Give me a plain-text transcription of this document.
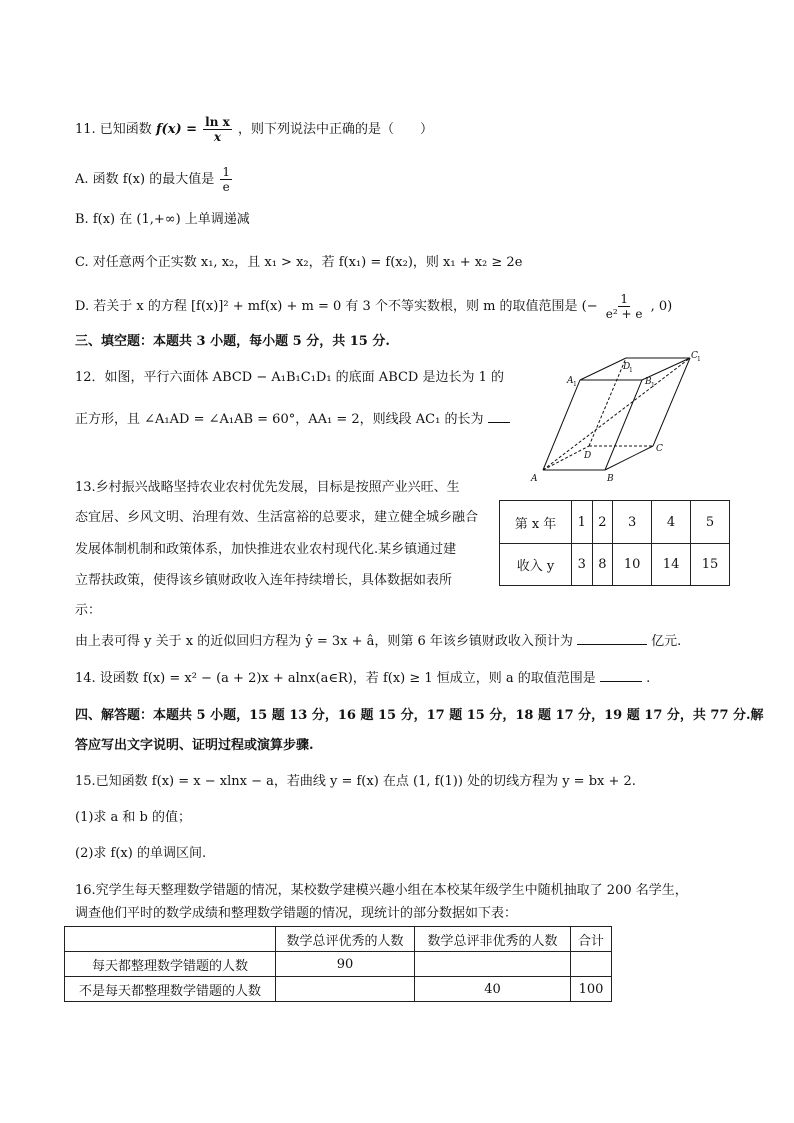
11. 已知函数 $f(x) = \frac{\text{ln x}}{x}$ ，则下列说法中正确的是（　　）
A. 函数 f(x) 的最大值是 $\frac{1}{e}$
B. f(x) 在 (1,+∞) 上单调递减
C. 对任意两个正实数 x₁, x₂，且 x₁ > x₂，若 f(x₁) = f(x₂)，则 x₁ + x₂ ≥ 2e
D. 若关于 x 的方程 [f(x)]² + mf(x) + m = 0 有 3 个不等实数根，则 m 的取值范围是 (− $\frac{1}{\text{e² + e}}$ , 0)
三、填空题：本题共 3 小题，每小题 5 分，共 15 分.
12．如图，平行六面体 ABCD − A₁B₁C₁D₁ 的底面 ABCD 是边长为 1 的
正方形，且 ∠A₁AD = ∠A₁AB = 60°，AA₁ = 2，则线段 AC₁ 的长为
A	B
C
D
A 1	B 1
C 1
D
1
13.乡村振兴战略坚持农业农村优先发展，目标是按照产业兴旺、生
态宜居、乡风文明、治理有效、生活富裕的总要求，建立健全城乡融合
发展体制机制和政策体系，加快推进农业农村现代化.某乡镇通过建
立帮扶政策，使得该乡镇财政收入连年持续增长，具体数据如表所
示：
由上表可得 y 关于 x 的近似回归方程为 ŷ = 3x + â，则第 6 年该乡镇财政收入预计为	亿元.
第 x 年	1	2	3	4	5
收入 y	3	8	10	14	15
14. 设函数 f(x) = x² − (a + 2)x + alnx(a∈R)，若 f(x) ≥ 1 恒成立，则 a 的取值范围是	.
四、解答题：本题共 5 小题，15 题 13 分，16 题 15 分，17 题 15 分，18 题 17 分，19 题 17 分，共 77 分.解
答应写出文字说明、证明过程或演算步骤.
15.已知函数 f(x) = x − xlnx − a，若曲线 y = f(x) 在点 (1, f(1)) 处的切线方程为 y = bx + 2.
(1)求 a 和 b 的值；
(2)求 f(x) 的单调区间.
16.究学生每天整理数学错题的情况，某校数学建模兴趣小组在本校某年级学生中随机抽取了 200 名学生，
调查他们平时的数学成绩和整理数学错题的情况，现统计的部分数据如下表：
	数学总评优秀的人数	数学总评非优秀的人数	合计
每天都整理数学错题的人数	90		
不是每天都整理数学错题的人数		40	100
